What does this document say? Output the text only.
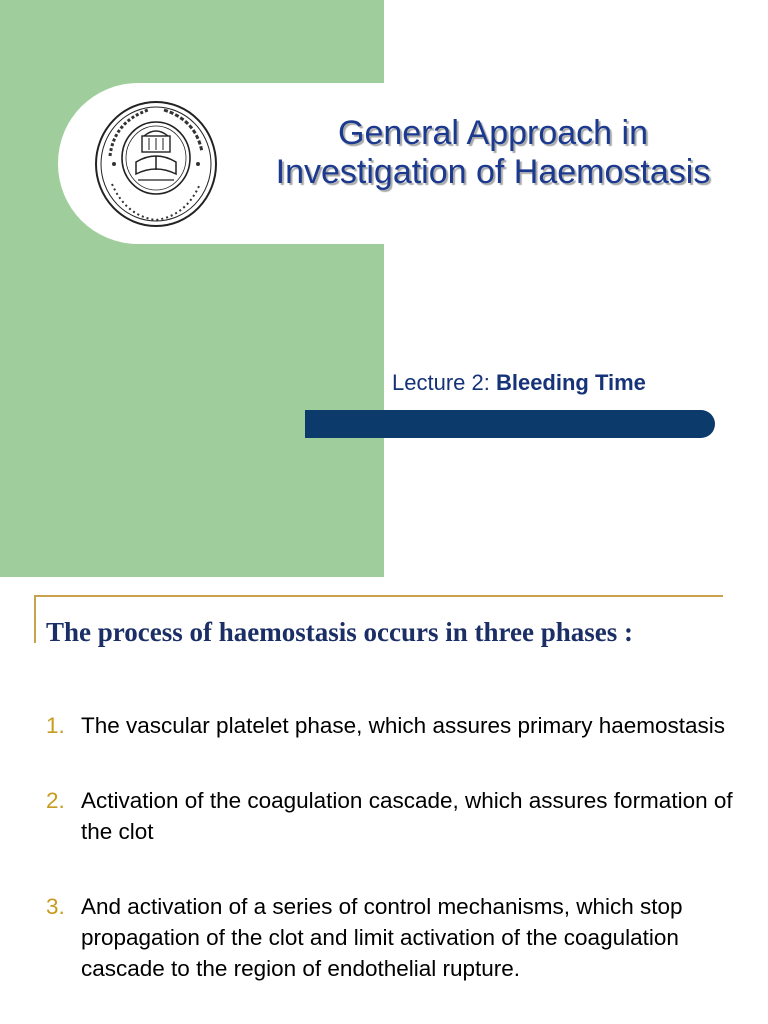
General Approach in
Investigation of Haemostasis
Lecture 2: Bleeding Time
The process of haemostasis occurs in three phases :
1. The vascular platelet phase, which assures primary haemostasis
2. Activation of the coagulation cascade, which assures formation of the clot
3. And activation of a series of control mechanisms, which stop propagation of the clot and limit activation of the coagulation cascade to the region of endothelial rupture.
